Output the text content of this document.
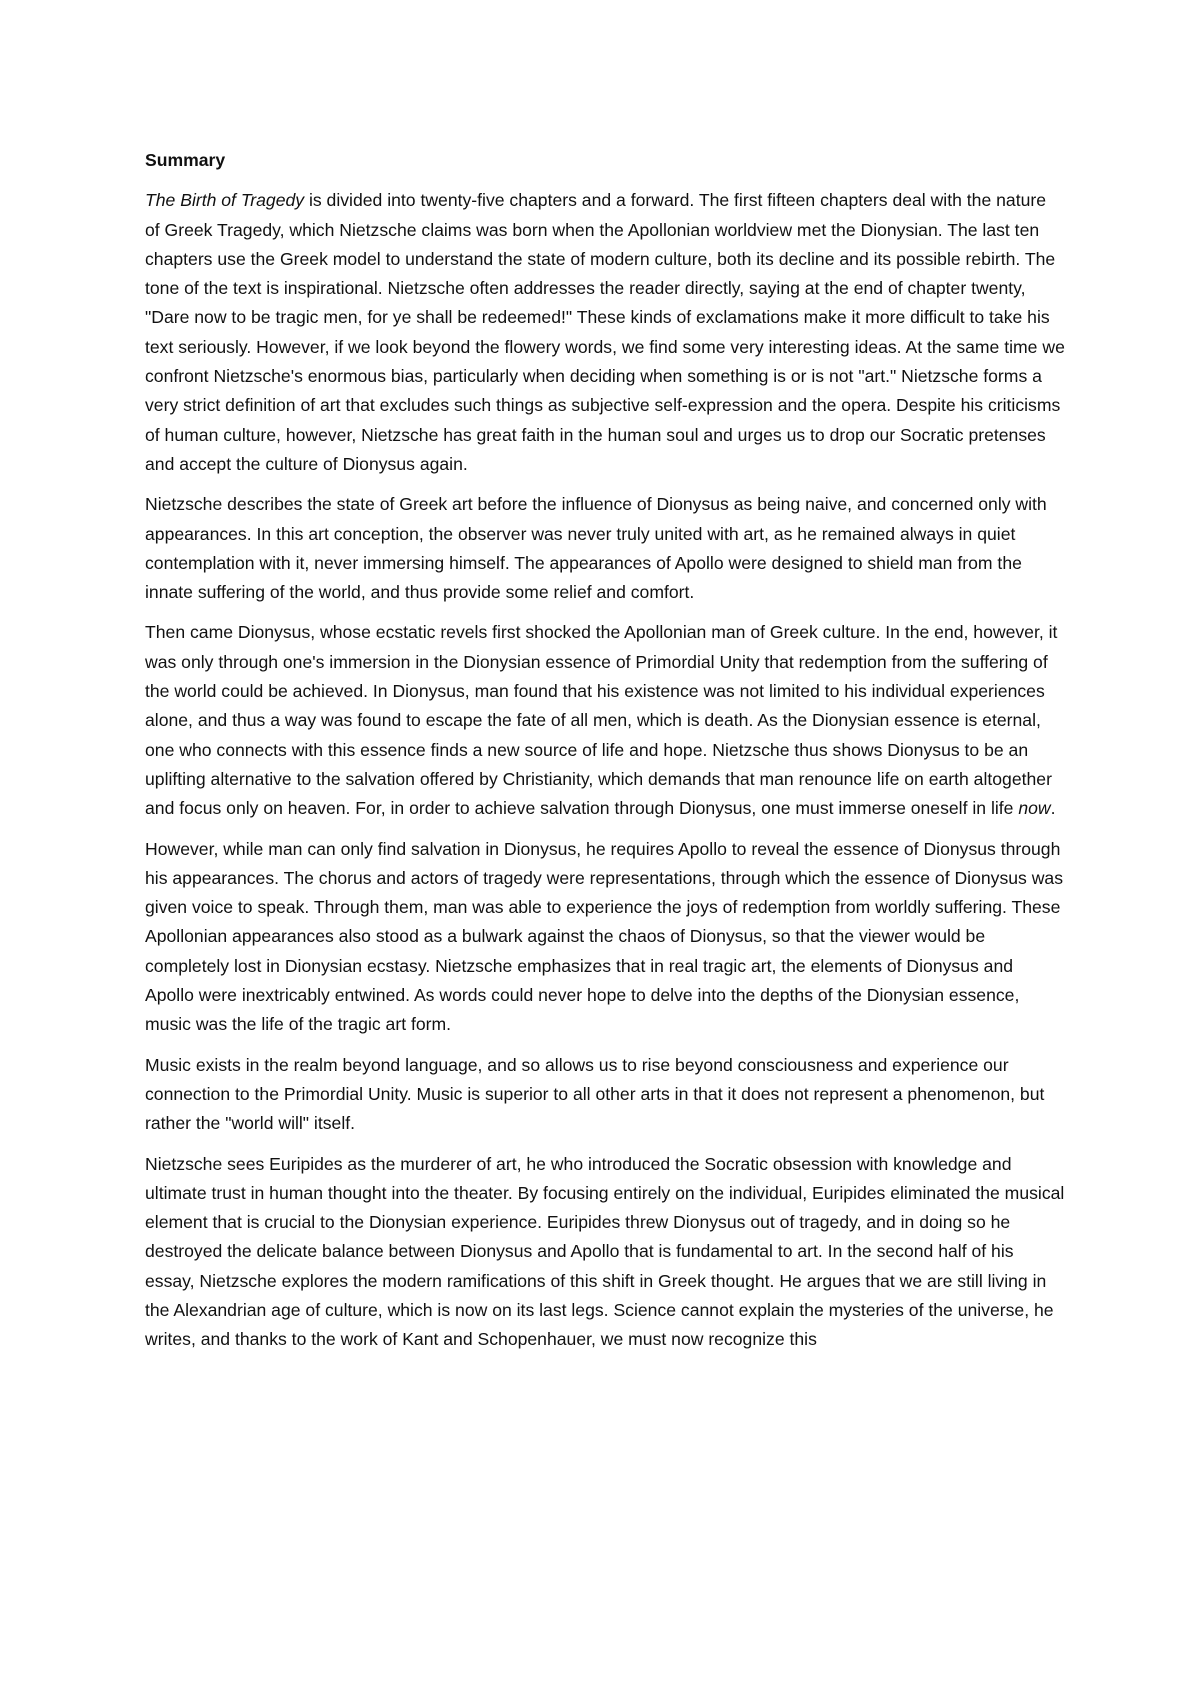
Summary

The Birth of Tragedy is divided into twenty-five chapters and a forward. The first fifteen chapters deal with the nature of Greek Tragedy, which Nietzsche claims was born when the Apollonian worldview met the Dionysian. The last ten chapters use the Greek model to understand the state of modern culture, both its decline and its possible rebirth. The tone of the text is inspirational. Nietzsche often addresses the reader directly, saying at the end of chapter twenty, "Dare now to be tragic men, for ye shall be redeemed!" These kinds of exclamations make it more difficult to take his text seriously. However, if we look beyond the flowery words, we find some very interesting ideas. At the same time we confront Nietzsche's enormous bias, particularly when deciding when something is or is not "art." Nietzsche forms a very strict definition of art that excludes such things as subjective self-expression and the opera. Despite his criticisms of human culture, however, Nietzsche has great faith in the human soul and urges us to drop our Socratic pretenses and accept the culture of Dionysus again.

Nietzsche describes the state of Greek art before the influence of Dionysus as being naive, and concerned only with appearances. In this art conception, the observer was never truly united with art, as he remained always in quiet contemplation with it, never immersing himself. The appearances of Apollo were designed to shield man from the innate suffering of the world, and thus provide some relief and comfort.

Then came Dionysus, whose ecstatic revels first shocked the Apollonian man of Greek culture. In the end, however, it was only through one's immersion in the Dionysian essence of Primordial Unity that redemption from the suffering of the world could be achieved. In Dionysus, man found that his existence was not limited to his individual experiences alone, and thus a way was found to escape the fate of all men, which is death. As the Dionysian essence is eternal, one who connects with this essence finds a new source of life and hope. Nietzsche thus shows Dionysus to be an uplifting alternative to the salvation offered by Christianity, which demands that man renounce life on earth altogether and focus only on heaven. For, in order to achieve salvation through Dionysus, one must immerse oneself in life now.

However, while man can only find salvation in Dionysus, he requires Apollo to reveal the essence of Dionysus through his appearances. The chorus and actors of tragedy were representations, through which the essence of Dionysus was given voice to speak. Through them, man was able to experience the joys of redemption from worldly suffering. These Apollonian appearances also stood as a bulwark against the chaos of Dionysus, so that the viewer would be completely lost in Dionysian ecstasy. Nietzsche emphasizes that in real tragic art, the elements of Dionysus and Apollo were inextricably entwined. As words could never hope to delve into the depths of the Dionysian essence, music was the life of the tragic art form.

Music exists in the realm beyond language, and so allows us to rise beyond consciousness and experience our connection to the Primordial Unity. Music is superior to all other arts in that it does not represent a phenomenon, but rather the "world will" itself.

Nietzsche sees Euripides as the murderer of art, he who introduced the Socratic obsession with knowledge and ultimate trust in human thought into the theater. By focusing entirely on the individual, Euripides eliminated the musical element that is crucial to the Dionysian experience. Euripides threw Dionysus out of tragedy, and in doing so he destroyed the delicate balance between Dionysus and Apollo that is fundamental to art. In the second half of his essay, Nietzsche explores the modern ramifications of this shift in Greek thought. He argues that we are still living in the Alexandrian age of culture, which is now on its last legs. Science cannot explain the mysteries of the universe, he writes, and thanks to the work of Kant and Schopenhauer, we must now recognize this
